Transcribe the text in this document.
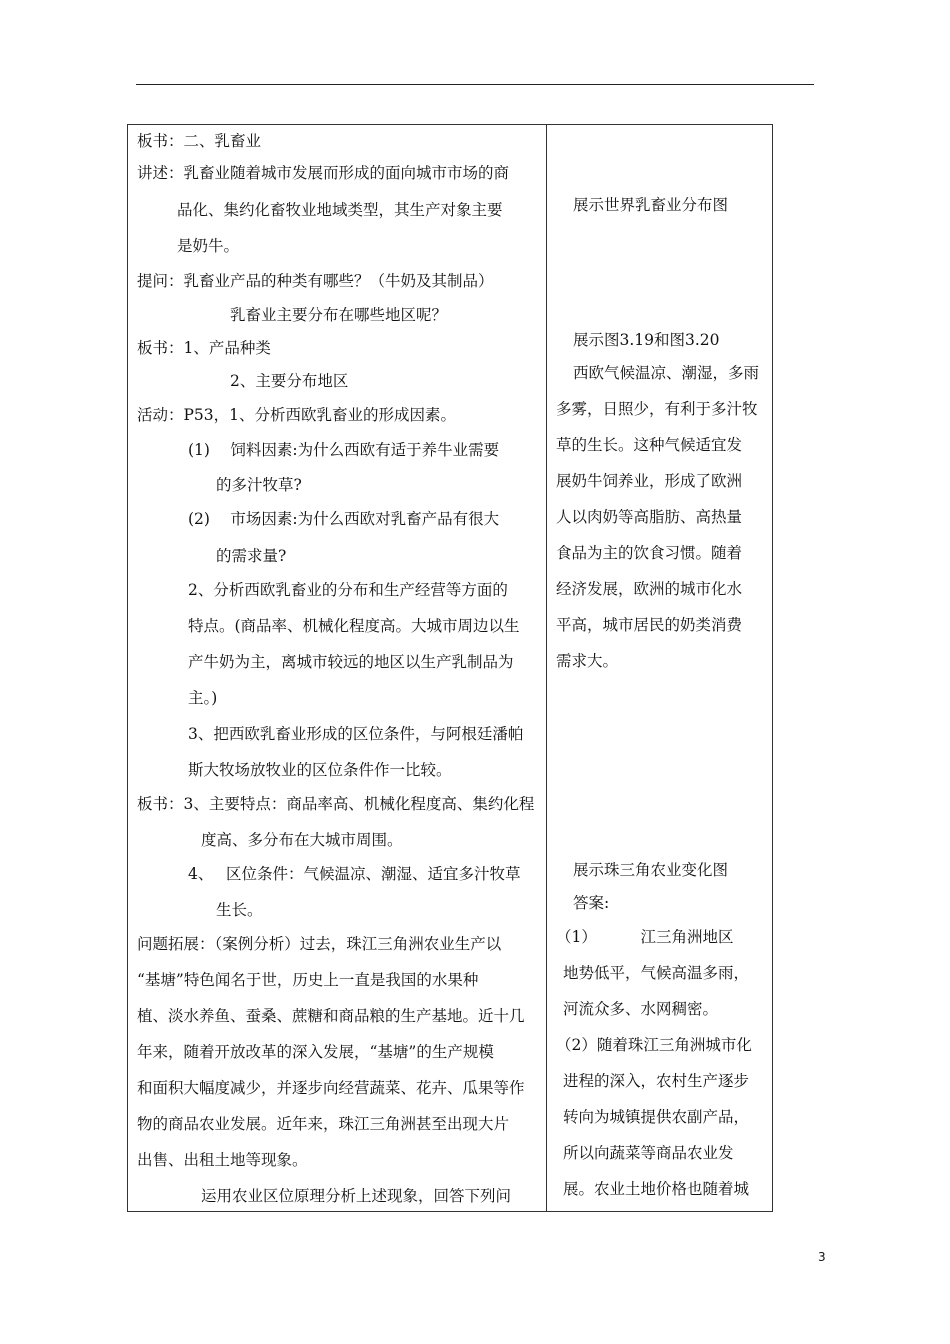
板书：二、乳畜业
讲述：乳畜业随着城市发展而形成的面向城市市场的商
品化、集约化畜牧业地域类型，其生产对象主要
是奶牛。
提问：乳畜业产品的种类有哪些？（牛奶及其制品）
乳畜业主要分布在哪些地区呢？
板书：1、产品种类
2、主要分布地区
活动：P53，1、分析西欧乳畜业的形成因素。
(1)　 饲料因素:为什么西欧有适于养牛业需要
的多汁牧草?
(2)　 市场因素:为什么西欧对乳畜产品有很大
的需求量?
2、分析西欧乳畜业的分布和生产经营等方面的
特点。(商品率、机械化程度高。大城市周边以生
产牛奶为主，离城市较远的地区以生产乳制品为
主。)
3、把西欧乳畜业形成的区位条件，与阿根廷潘帕
斯大牧场放牧业的区位条件作一比较。
板书：3、主要特点：商品率高、机械化程度高、集约化程
度高、多分布在大城市周围。
4、　 区位条件：气候温凉、潮湿、适宜多汁牧草
生长。
问题拓展：（案例分析）过去，珠江三角洲农业生产以
“基塘”特色闻名于世，历史上一直是我国的水果种
植、淡水养鱼、蚕桑、蔗糖和商品粮的生产基地。近十几
年来，随着开放改革的深入发展，“基塘”的生产规模
和面积大幅度减少，并逐步向经营蔬菜、花卉、瓜果等作
物的商品农业发展。近年来，珠江三角洲甚至出现大片
出售、出租土地等现象。
运用农业区位原理分析上述现象，回答下列问
展示世界乳畜业分布图
展示图3.19和图3.20
西欧气候温凉、潮湿，多雨
多雾，日照少，有利于多汁牧
草的生长。这种气候适宜发
展奶牛饲养业，形成了欧洲
人以肉奶等高脂肪、高热量
食品为主的饮食习惯。随着
经济发展，欧洲的城市化水
平高，城市居民的奶类消费
需求大。
展示珠三角农业变化图
答案:
（1）　　　 江三角洲地区
地势低平，气候高温多雨，
河流众多、水网稠密。
（2）随着珠江三角洲城市化
进程的深入，农村生产逐步
转向为城镇提供农副产品，
所以向蔬菜等商品农业发
展。农业土地价格也随着城
3
